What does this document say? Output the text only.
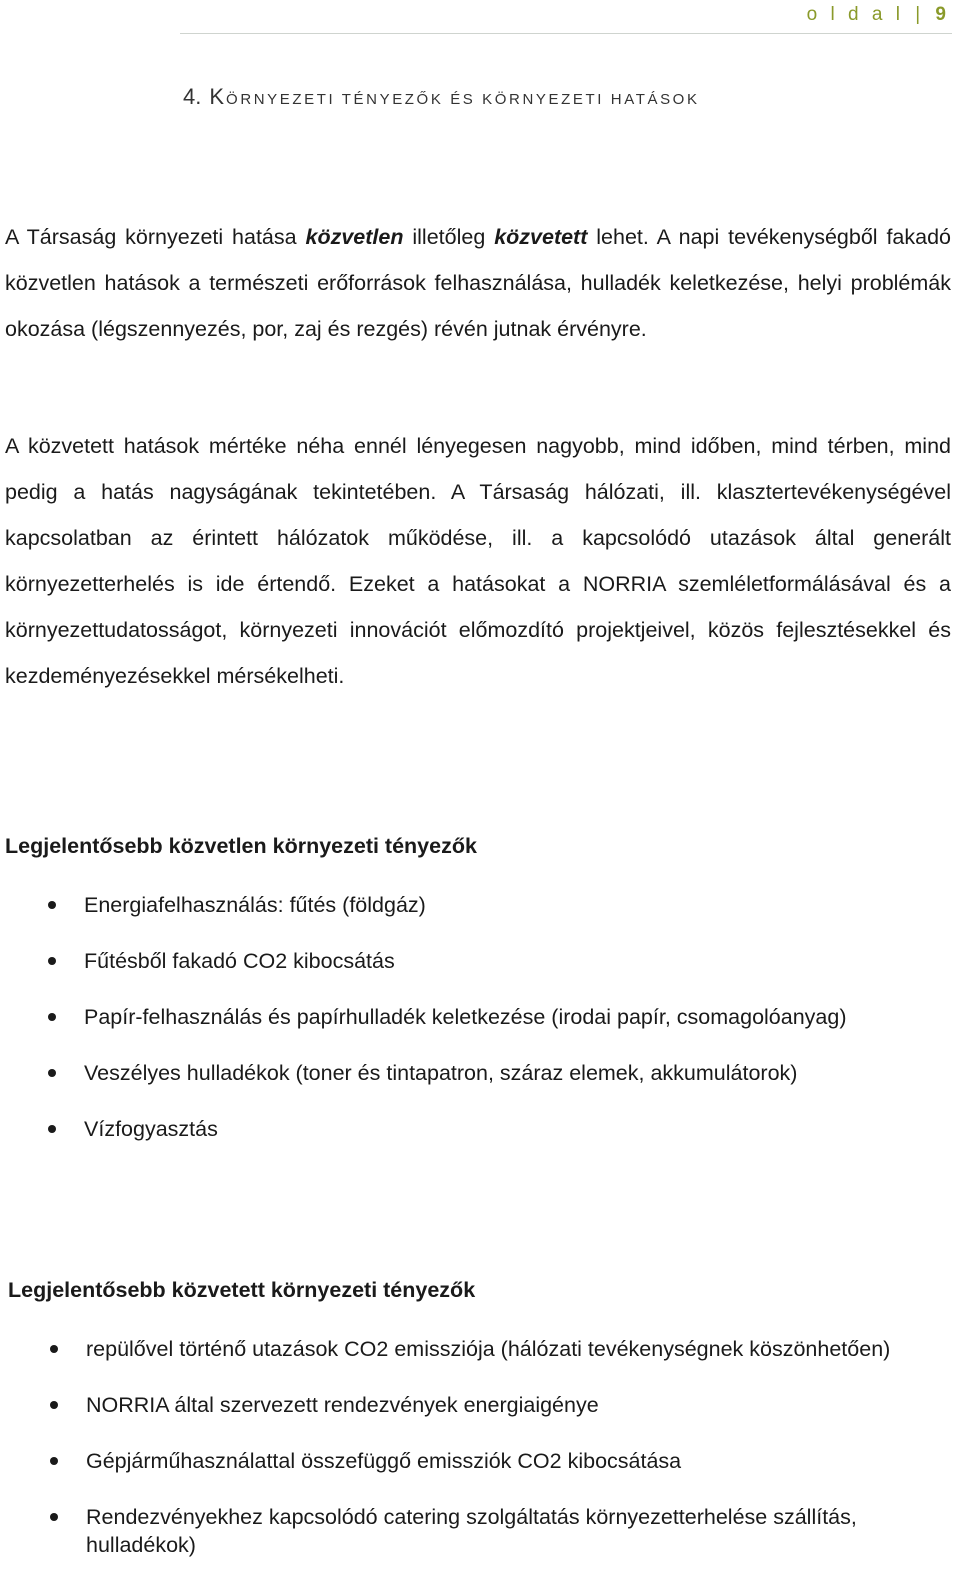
o l d a l | 9
4. KÖRNYEZETI TÉNYEZŐK ÉS KÖRNYEZETI HATÁSOK
A Társaság környezeti hatása közvetlen illetőleg közvetett lehet. A napi tevékenységből fakadó
közvetlen hatások a természeti erőforrások felhasználása, hulladék keletkezése, helyi problémák
okozása (légszennyezés, por, zaj és rezgés) révén jutnak érvényre.
A közvetett hatások mértéke néha ennél lényegesen nagyobb, mind időben, mind térben, mind
pedig a hatás nagyságának tekintetében. A Társaság hálózati, ill. klasztertevékenységével
kapcsolatban az érintett hálózatok működése, ill. a kapcsolódó utazások által generált
környezetterhelés is ide értendő. Ezeket a hatásokat a NORRIA szemléletformálásával és a
környezettudatosságot, környezeti innovációt előmozdító projektjeivel, közös fejlesztésekkel és
kezdeményezésekkel mérsékelheti.
Legjelentősebb közvetlen környezeti tényezők
Energiafelhasználás: fűtés (földgáz)
Fűtésből fakadó CO2 kibocsátás
Papír-felhasználás és papírhulladék keletkezése (irodai papír, csomagolóanyag)
Veszélyes hulladékok (toner és tintapatron, száraz elemek, akkumulátorok)
Vízfogyasztás
Legjelentősebb közvetett környezeti tényezők
repülővel történő utazások CO2 emissziója (hálózati tevékenységnek köszönhetően)
NORRIA által szervezett rendezvények energiaigénye
Gépjárműhasználattal összefüggő emissziók CO2 kibocsátása
Rendezvényekhez kapcsolódó catering szolgáltatás környezetterhelése szállítás, hulladékok)
